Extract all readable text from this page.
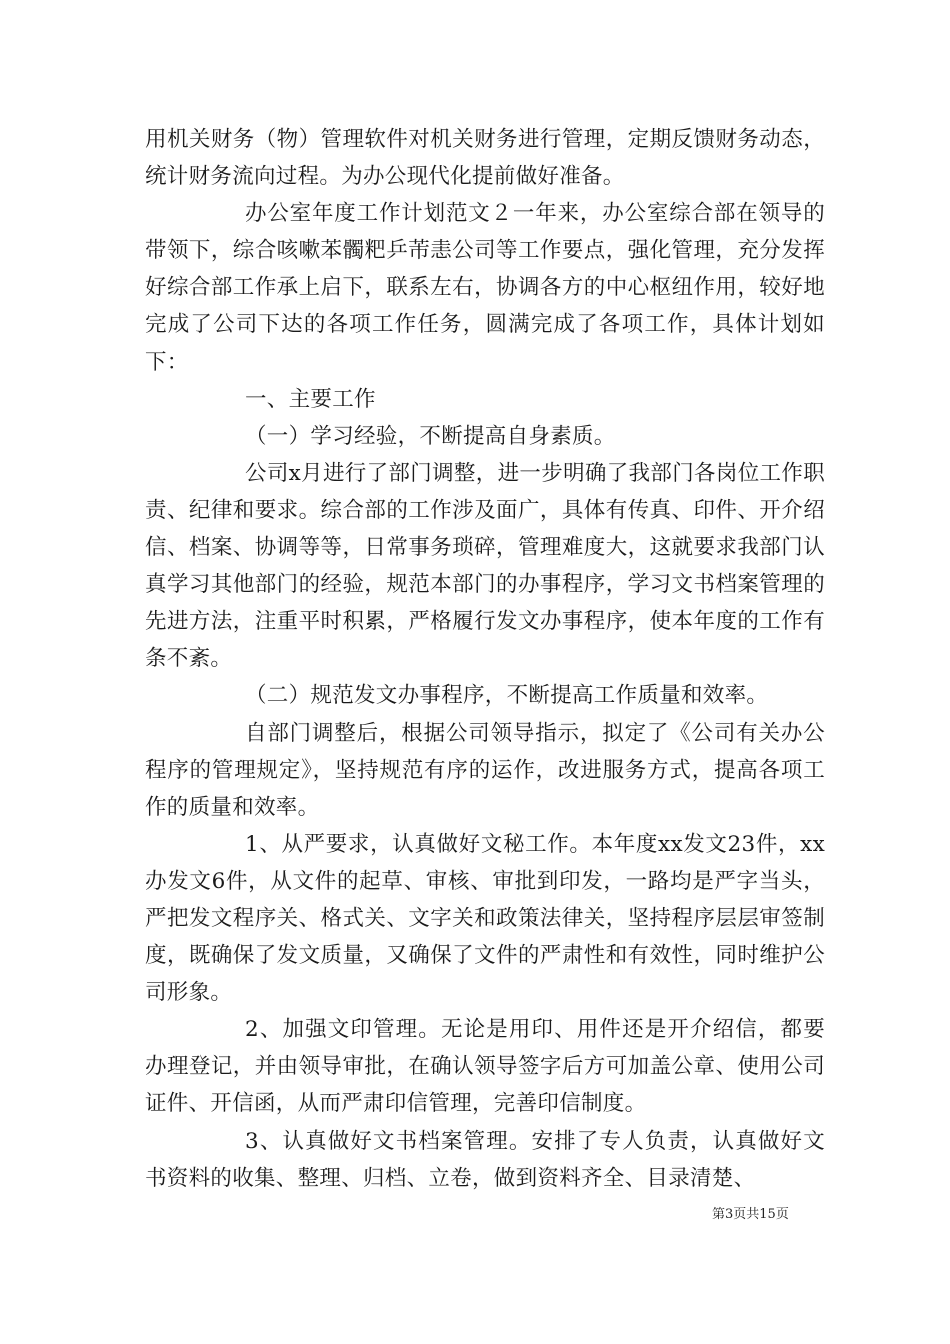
用机关财务（物）管理软件对机关财务进行管理，定期反馈财务动态，统计财务流向过程。为办公现代化提前做好准备。

办公室年度工作计划范文２一年来，办公室综合部在领导的带领下，综合咳嗽苯髑粑乒芾恚公司等工作要点，强化管理，充分发挥好综合部工作承上启下，联系左右，协调各方的中心枢纽作用，较好地完成了公司下达的各项工作任务，圆满完成了各项工作，具体计划如下：

一、主要工作

（一）学习经验，不断提高自身素质。

公司x月进行了部门调整，进一步明确了我部门各岗位工作职责、纪律和要求。综合部的工作涉及面广，具体有传真、印件、开介绍信、档案、协调等等，日常事务琐碎，管理难度大，这就要求我部门认真学习其他部门的经验，规范本部门的办事程序，学习文书档案管理的先进方法，注重平时积累，严格履行发文办事程序，使本年度的工作有条不紊。

（二）规范发文办事程序，不断提高工作质量和效率。

自部门调整后，根据公司领导指示，拟定了《公司有关办公程序的管理规定》，坚持规范有序的运作，改进服务方式，提高各项工作的质量和效率。

1、从严要求，认真做好文秘工作。本年度xx发文23件，xx办发文6件，从文件的起草、审核、审批到印发，一路均是严字当头，严把发文程序关、格式关、文字关和政策法律关，坚持程序层层审签制度，既确保了发文质量，又确保了文件的严肃性和有效性，同时维护公司形象。

2、加强文印管理。无论是用印、用件还是开介绍信，都要办理登记，并由领导审批，在确认领导签字后方可加盖公章、使用公司证件、开信函，从而严肃印信管理，完善印信制度。

3、认真做好文书档案管理。安排了专人负责，认真做好文书资料的收集、整理、归档、立卷，做到资料齐全、目录清楚、

第3页共15页
